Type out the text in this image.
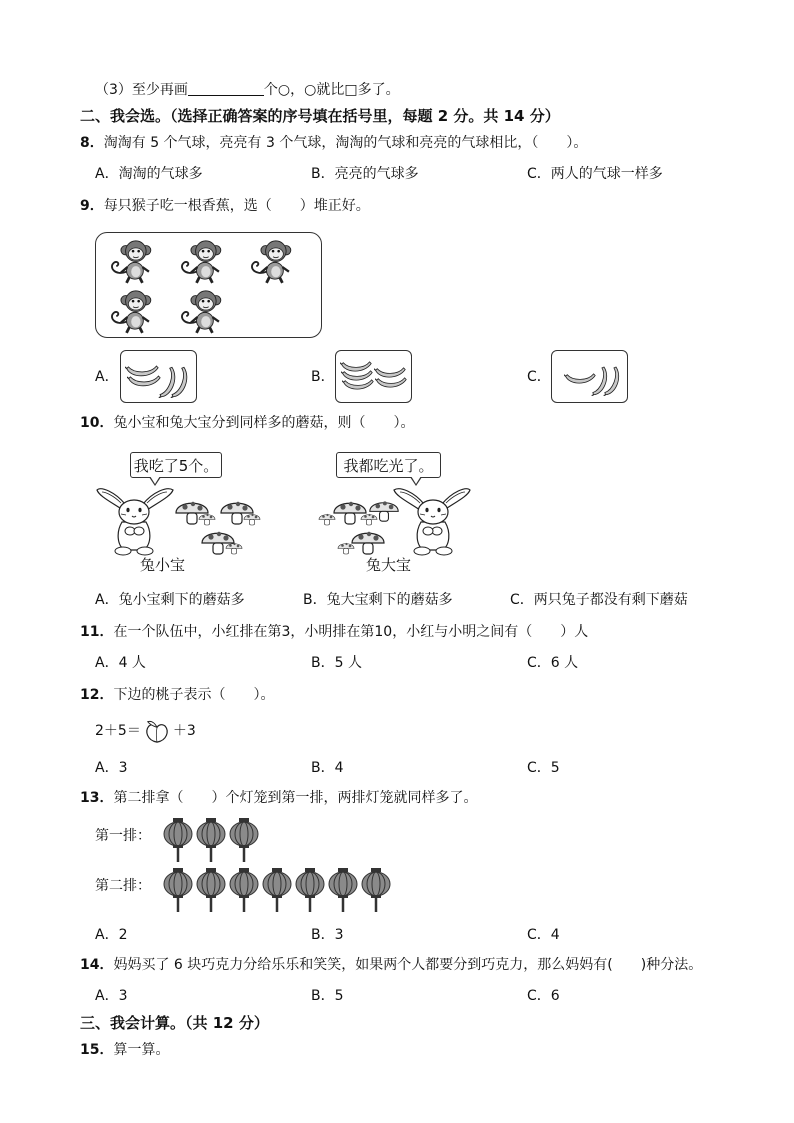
（3）至少再画	个○，○就比□多了。
二、我会选。（选择正确答案的序号填在括号里，每题 2 分。共 14 分）
8．淘淘有 5 个气球，亮亮有 3 个气球，淘淘的气球和亮亮的气球相比，（　　）。
A．淘淘的气球多	B．亮亮的气球多	C．两人的气球一样多
9．每只猴子吃一根香蕉，选（　　）堆正好。
A．	B．	C．
10．兔小宝和兔大宝分到同样多的蘑菇，则（　　）。
我吃了5个。	我都吃光了。
兔小宝	兔大宝
A．兔小宝剩下的蘑菇多	B．兔大宝剩下的蘑菇多	C．两只兔子都没有剩下蘑菇
11．在一个队伍中，小红排在第3，小明排在第10，小红与小明之间有（　　）人
A．4 人	B．5 人	C．6 人
12．下边的桃子表示（　　）。
2＋5＝ ＋3
A．3	B．4	C．5
13．第二排拿（　　）个灯笼到第一排，两排灯笼就同样多了。
第一排：
第二排：
A．2	B．3	C．4
14．妈妈买了 6 块巧克力分给乐乐和笑笑，如果两个人都要分到巧克力，那么妈妈有(　　)种分法。
A．3	B．5	C．6
三、我会计算。（共 12 分）
15．算一算。
